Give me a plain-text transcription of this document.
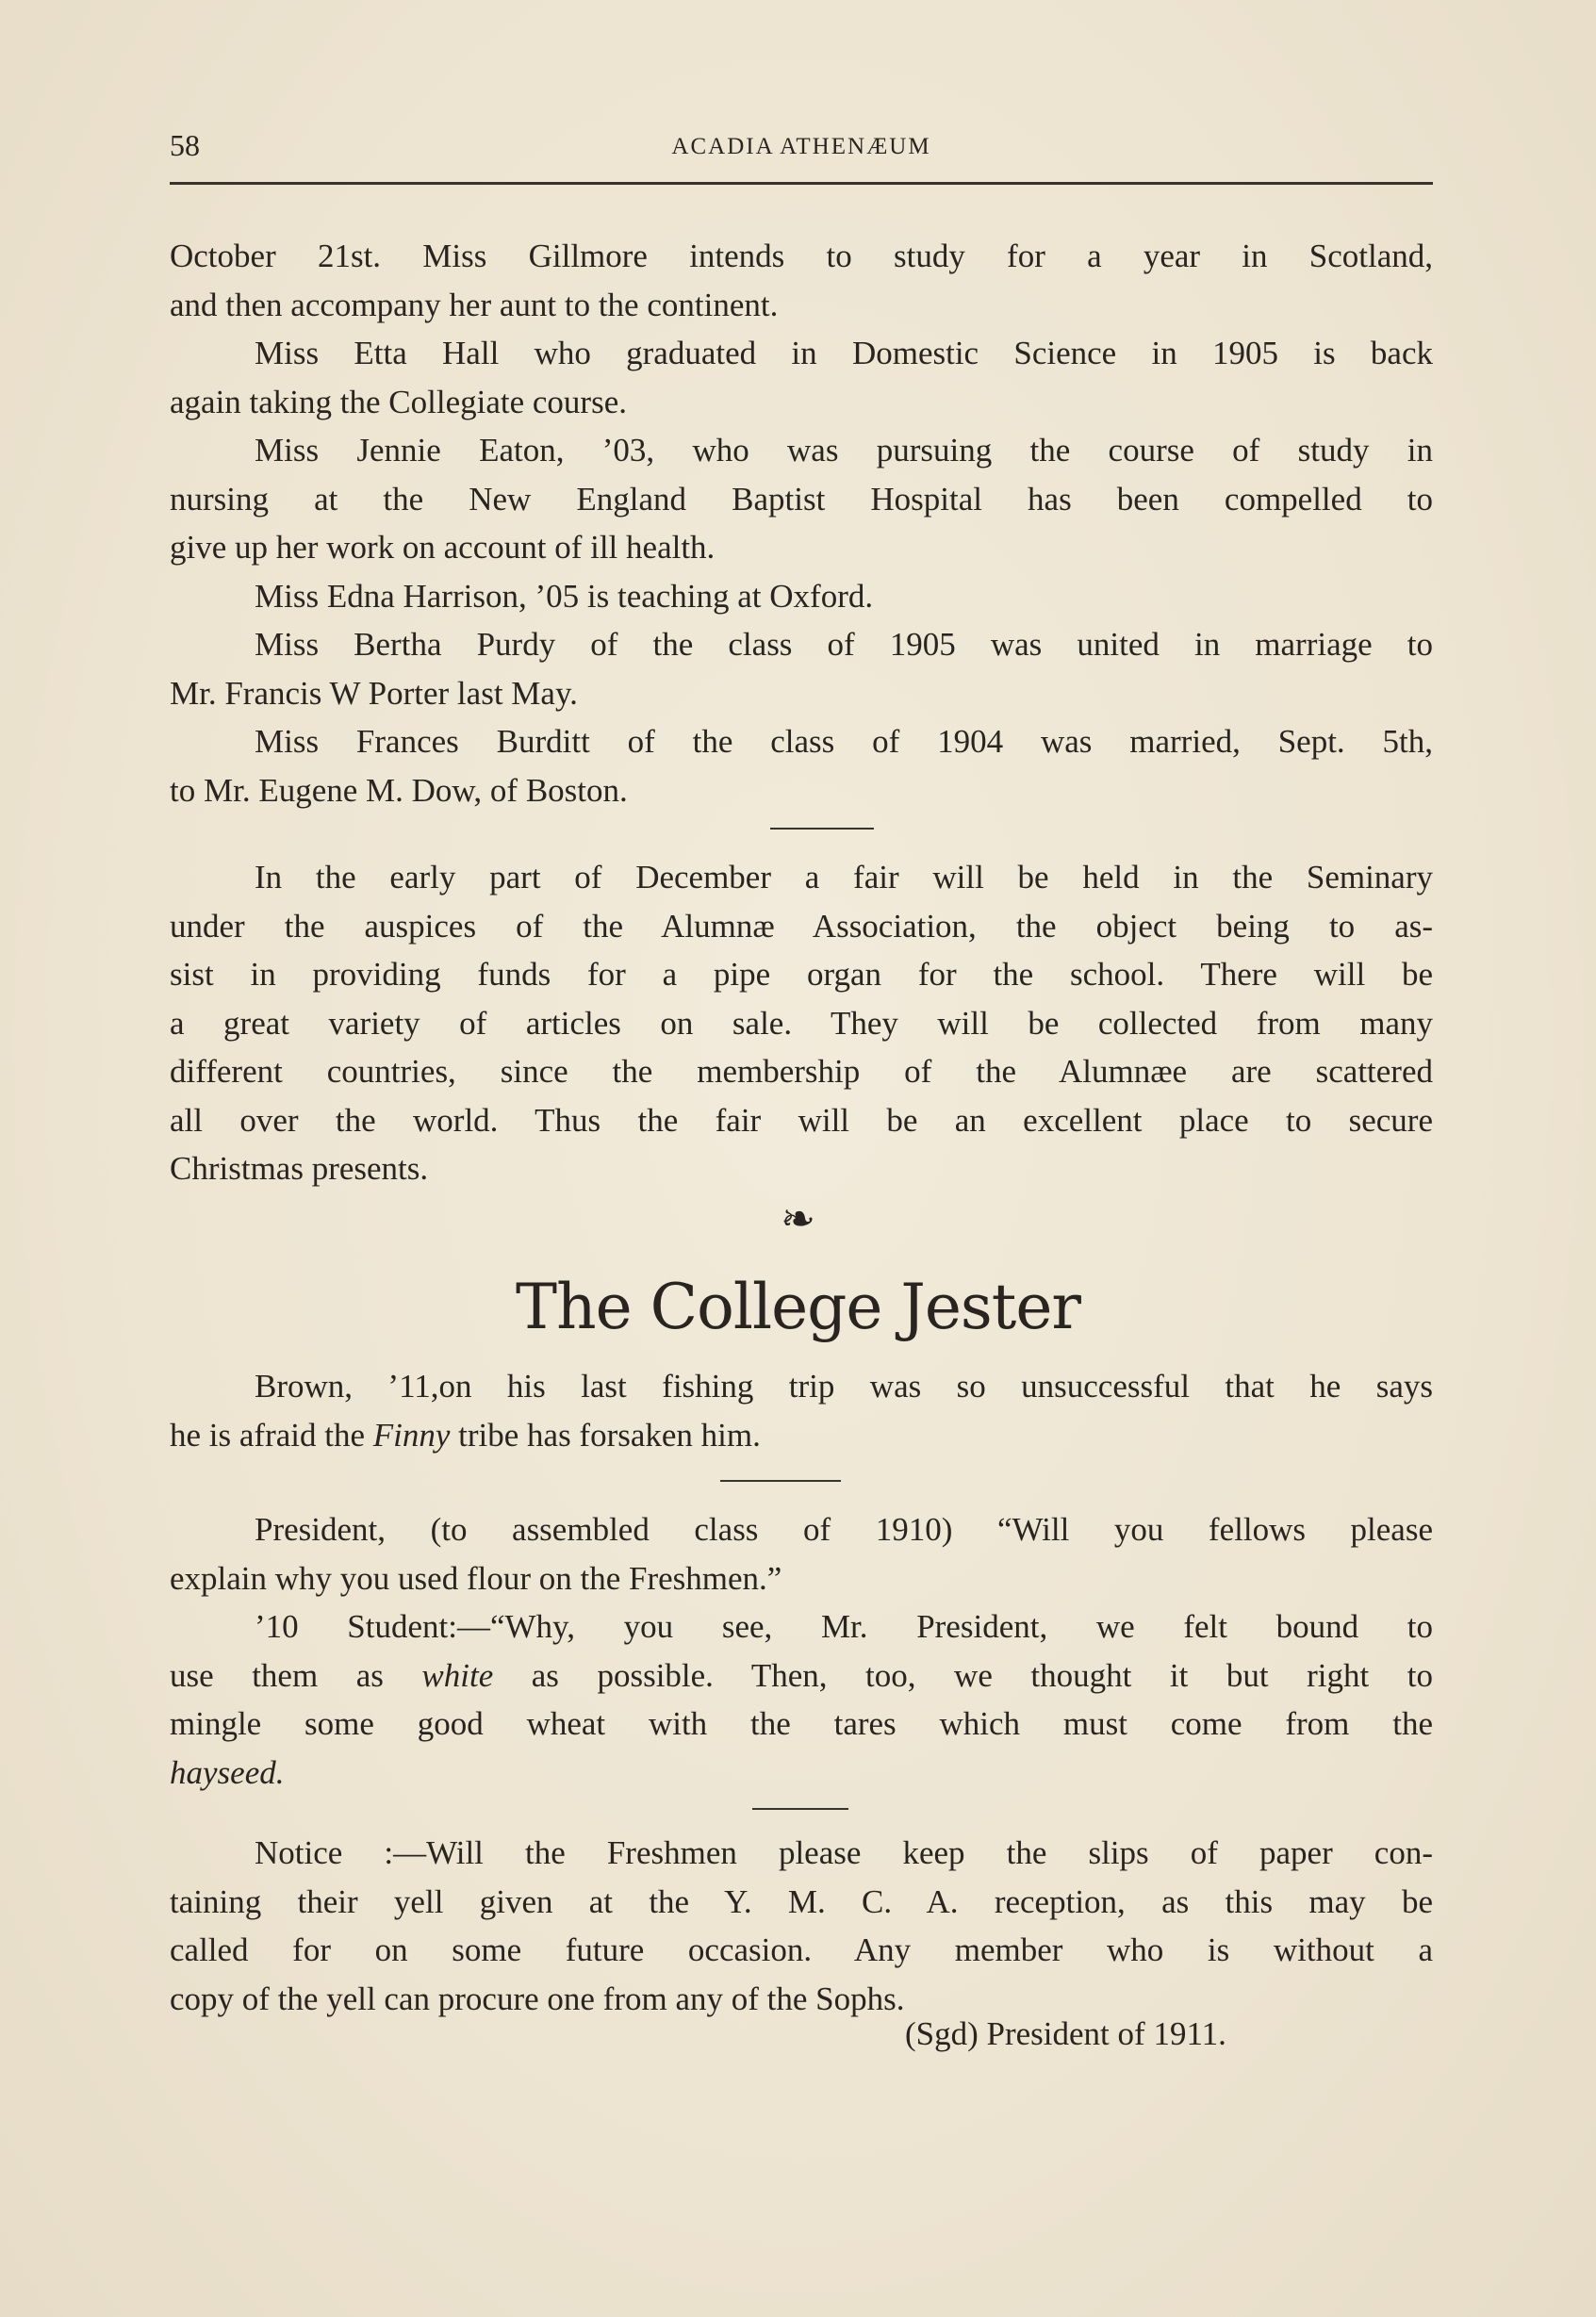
58	ACADIA ATHENÆUM

October 21st. Miss Gillmore intends to study for a year in Scotland,
and then accompany her aunt to the continent.

Miss Etta Hall who graduated in Domestic Science in 1905 is back
again taking the Collegiate course.

Miss Jennie Eaton, ’03, who was pursuing the course of study in
nursing at the New England Baptist Hospital has been compelled to
give up her work on account of ill health.

Miss Edna Harrison, ’05 is teaching at Oxford.

Miss Bertha Purdy of the class of 1905 was united in marriage to
Mr. Francis W Porter last May.

Miss Frances Burditt of the class of 1904 was married, Sept. 5th,
to Mr. Eugene M. Dow, of Boston.

In the early part of December a fair will be held in the Seminary
under the auspices of the Alumnæ Association, the object being to as-
sist in providing funds for a pipe organ for the school. There will be
a great variety of articles on sale. They will be collected from many
different countries, since the membership of the Alumnæe are scattered
all over the world. Thus the fair will be an excellent place to secure
Christmas presents.

❧
The College Jester

Brown, ’11,on his last fishing trip was so unsuccessful that he says
he is afraid the Finny tribe has forsaken him.

President, (to assembled class of 1910) “Will you fellows please
explain why you used flour on the Freshmen.”

’10 Student:—“Why, you see, Mr. President, we felt bound to
use them as white as possible. Then, too, we thought it but right to
mingle some good wheat with the tares which must come from the
hayseed.

Notice :—Will the Freshmen please keep the slips of paper con-
taining their yell given at the Y. M. C. A. reception, as this may be
called for on some future occasion. Any member who is without a
copy of the yell can procure one from any of the Sophs.

(Sgd) President of 1911.
